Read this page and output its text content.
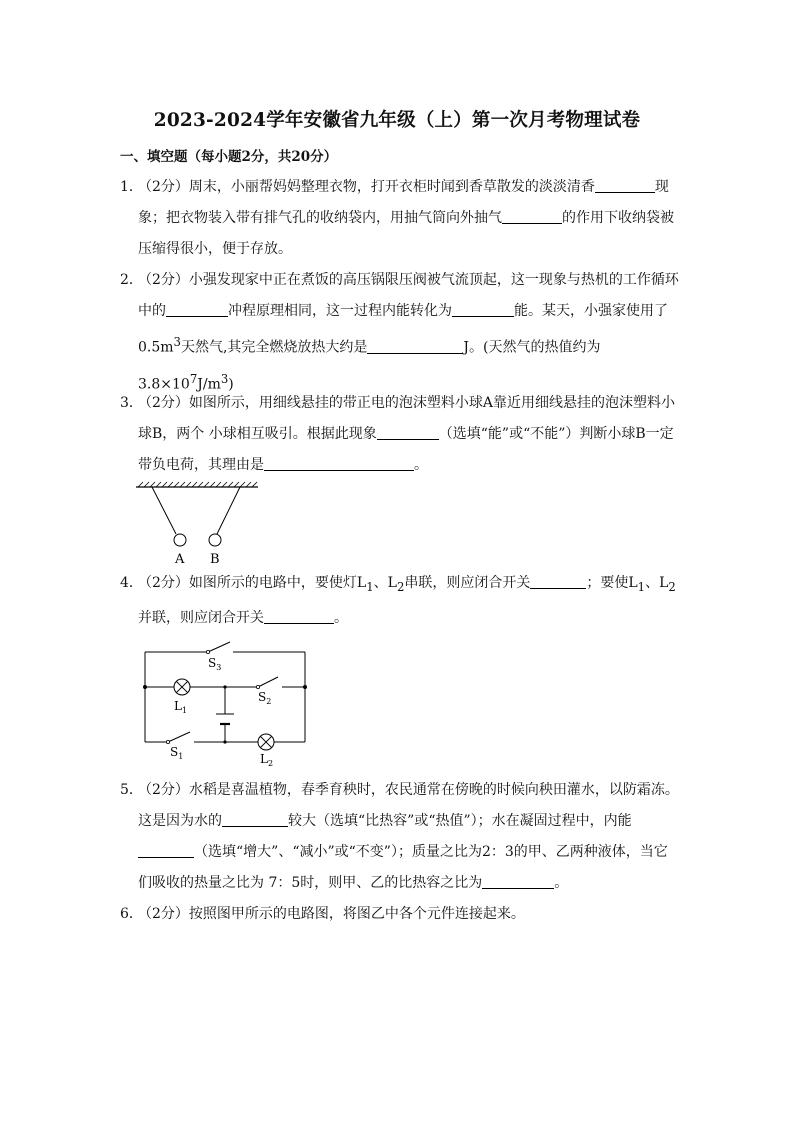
2023-2024学年安徽省九年级（上）第一次月考物理试卷
一、填空题（每小题2分，共20分）
1．
（2分）周末，小丽帮妈妈整理衣物，打开衣柜时闻到香草散发的淡淡清香	现象；把衣物装入带有排气孔的收纳袋内，用抽气筒向外抽气	的作用下收纳袋被压缩得很小，便于存放。
2．
（2分）小强发现家中正在煮饭的高压锅限压阀被气流顶起，这一现象与热机的工作循环中的	冲程原理相同，这一过程内能转化为	能。某天，小强家使用了 $0.5m^3$天然气,其完全燃烧放热大约是	J。(天然气的热值约为 $3.8\times 10^7J/m^3$)
3．
（2分）如图所示，用细线悬挂的带正电的泡沫塑料小球A靠近用细线悬挂的泡沫塑料小球B，两个 小球相互吸引。根据此现象	（选填“能”或“不能”）判断小球B一定带负电荷，其理由是	。
A B
4．
（2分）如图所示的电路中，要使灯$L_1$、$L_2$串联，则应闭合开关	；要使$L_1$、$L_2$并联，则应闭合开关	。
$S_3$
$S_2$
$L_1$
$S_1$	$L_2$
5．
（2分）水稻是喜温植物，春季育秧时，农民通常在傍晚的时候向秧田灌水，以防霜冻。这是因为水的	较大（选填“比热容”或“热值”）；水在凝固过程中，内能（选填“增大”、“减小”或“不变”）；质量之比为2：3的甲、乙两种液体，当它们吸收的热量之比为 7：5时，则甲、乙的比热容之比为	。
6．
（2分）按照图甲所示的电路图，将图乙中各个元件连接起来。
